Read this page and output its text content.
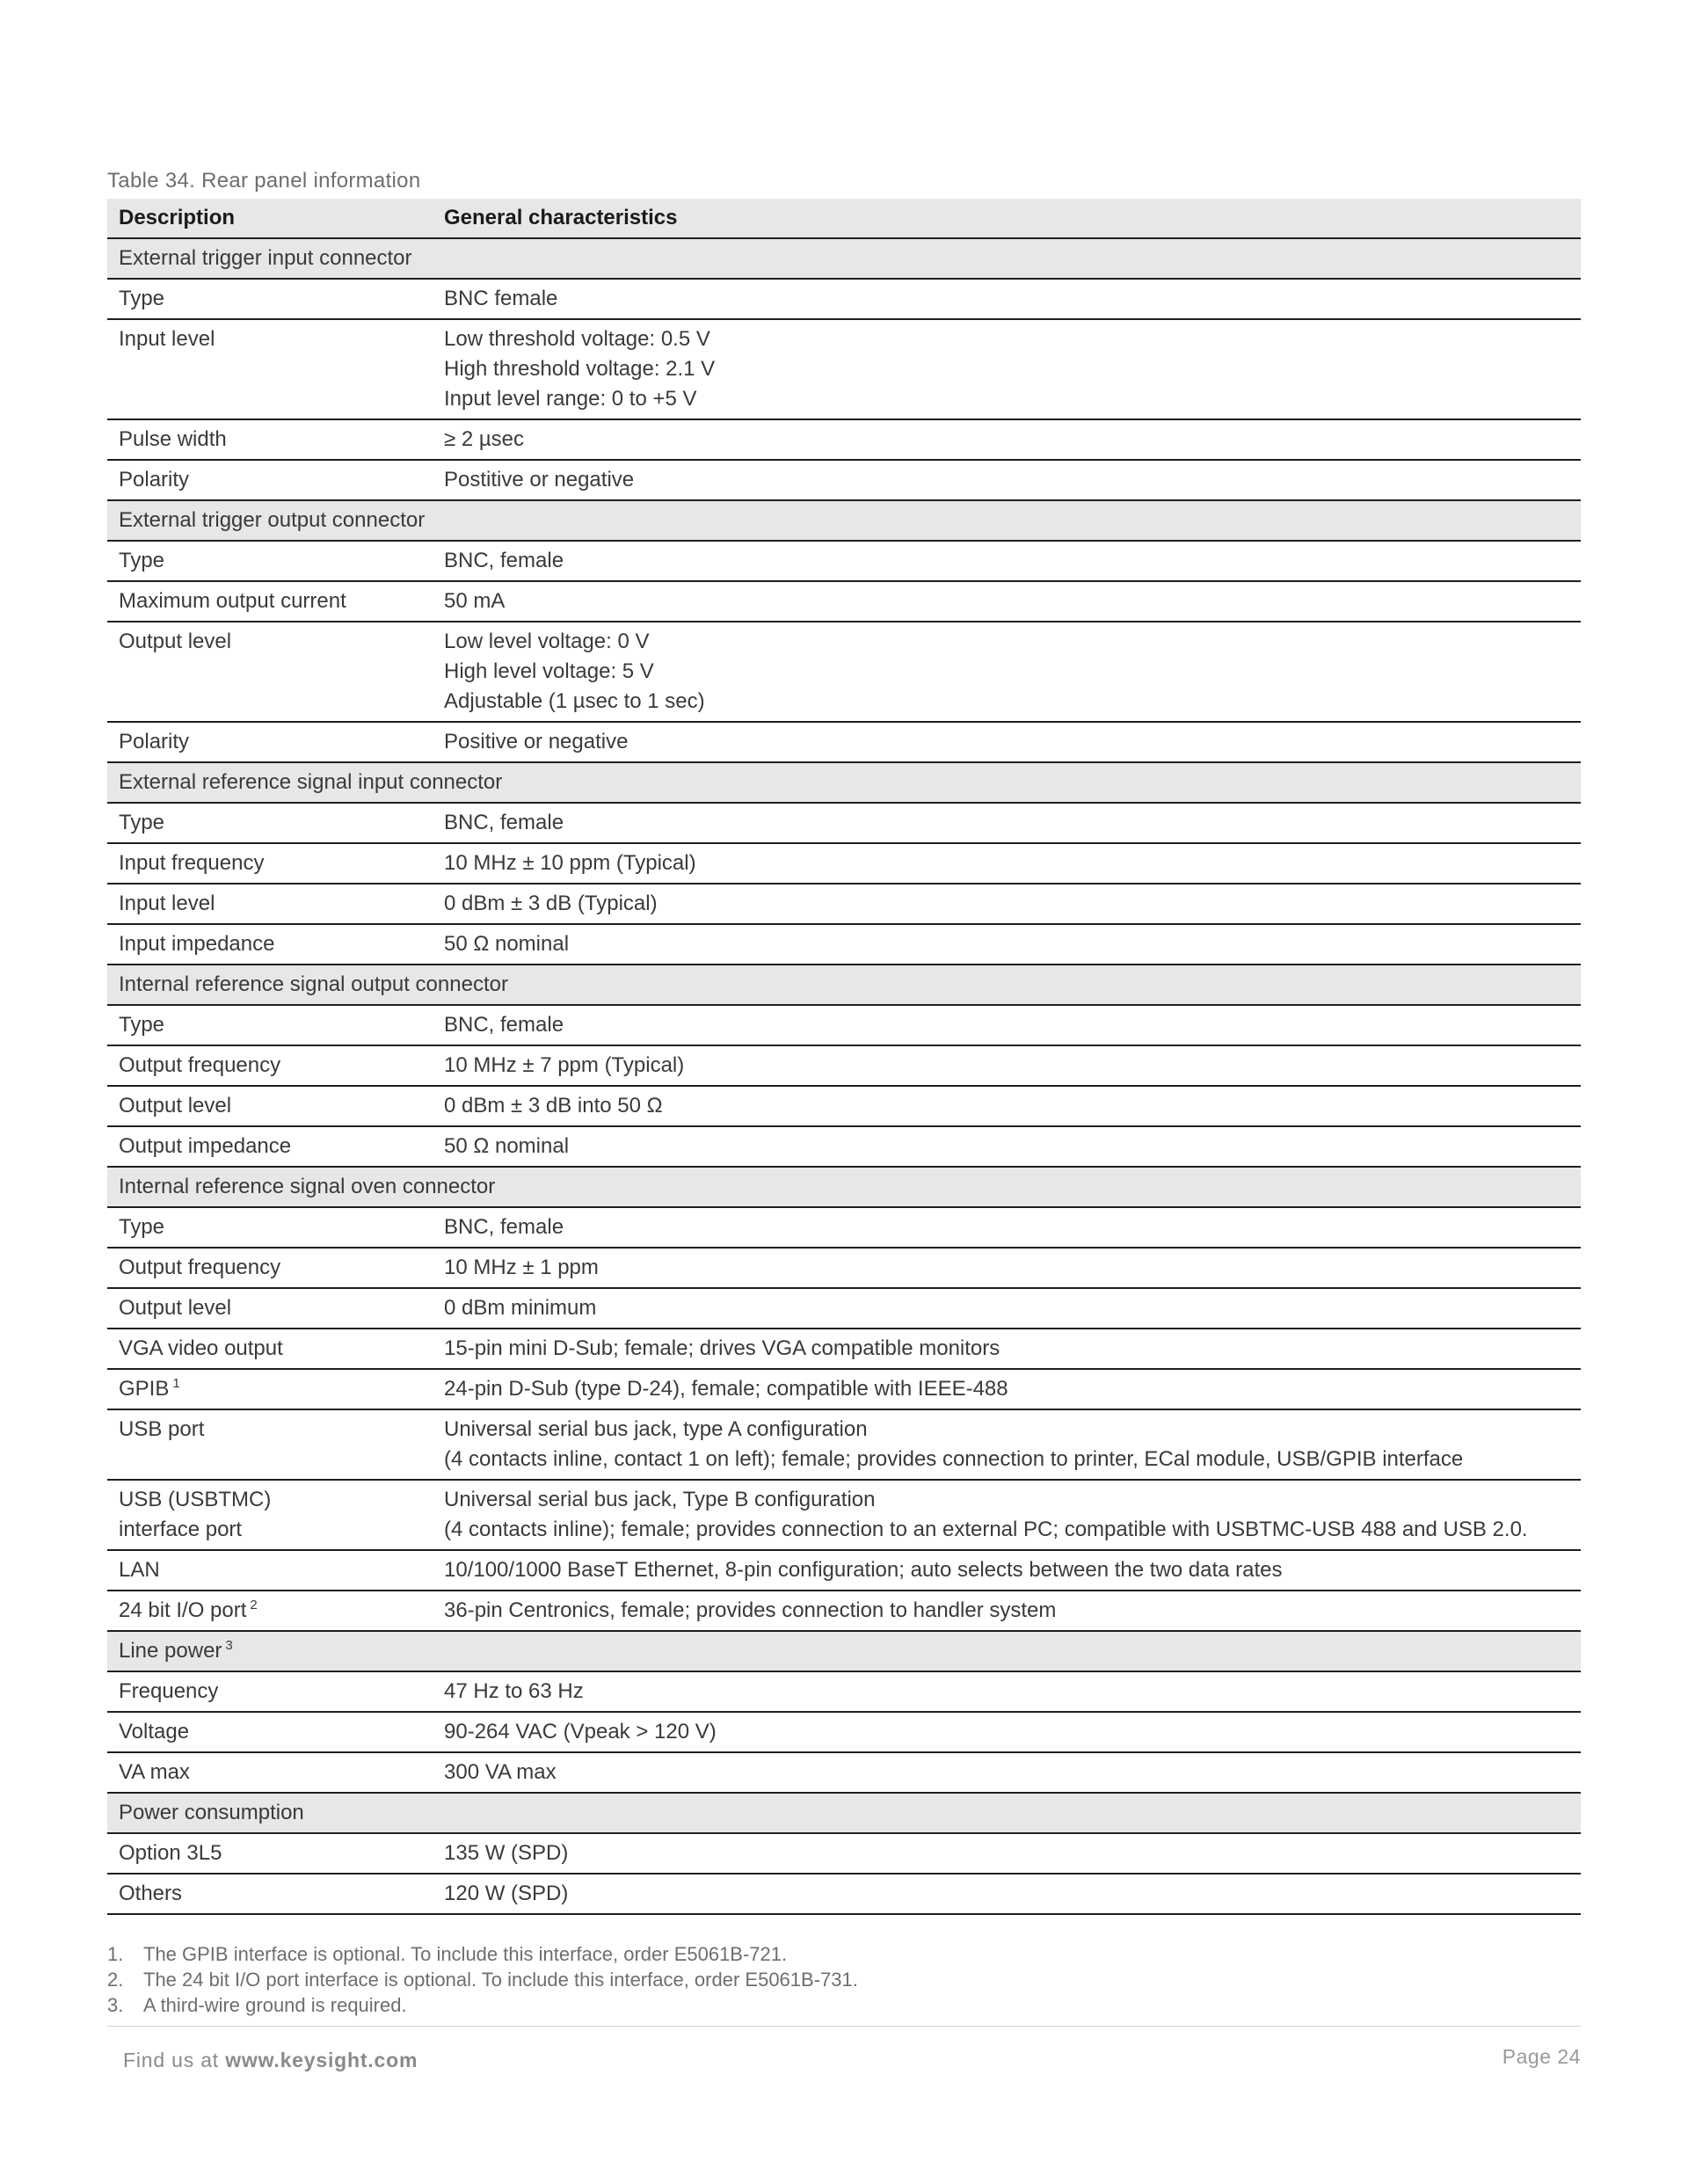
Table 34. Rear panel information
Description	General characteristics
External trigger input connector	
Type	BNC female

Input level	Low threshold voltage: 0.5 V
High threshold voltage: 2.1 V
Input level range: 0 to +5 V

Pulse width	≥ 2 µsec

Polarity	Postitive or negative

External trigger output connector	
Type	BNC, female

Maximum output current	50 mA

Output level	Low level voltage: 0 V
High level voltage: 5 V
Adjustable (1 µsec to 1 sec)

Polarity	Positive or negative

External reference signal input connector	
Type	BNC, female

Input frequency	10 MHz ± 10 ppm (Typical)

Input level	0 dBm ± 3 dB (Typical)

Input impedance	50 Ω nominal

Internal reference signal output connector	
Type	BNC, female

Output frequency	10 MHz ± 7 ppm (Typical)

Output level	0 dBm ± 3 dB into 50 Ω

Output impedance	50 Ω nominal

Internal reference signal oven connector	
Type	BNC, female

Output frequency	10 MHz ± 1 ppm

Output level	0 dBm minimum

VGA video output	15-pin mini D-Sub; female; drives VGA compatible monitors

GPIB $^1$	24-pin D-Sub (type D-24), female; compatible with IEEE-488

USB port	Universal serial bus jack, type A configuration
(4 contacts inline, contact 1 on left); female; provides connection to printer, ECal module, USB/GPIB interface

USB (USBTMC)
interface port	Universal serial bus jack, Type B configuration
(4 contacts inline); female; provides connection to an external PC; compatible with USBTMC-USB 488 and USB 2.0.

LAN	10/100/1000 BaseT Ethernet, 8-pin configuration; auto selects between the two data rates

24 bit I/O port $^2$	36-pin Centronics, female; provides connection to handler system

Line power $^3$
Frequency	47 Hz to 63 Hz

Voltage	90-264 VAC (Vpeak > 120 V)

VA max	300 VA max

Power consumption	
Option 3L5	135 W (SPD)

Others	120 W (SPD)
1.	The GPIB interface is optional. To include this interface, order E5061B-721.
2.	The 24 bit I/O port interface is optional. To include this interface, order E5061B-731.
3.	A third-wire ground is required.
Find us at www.keysight.com	Page 24
